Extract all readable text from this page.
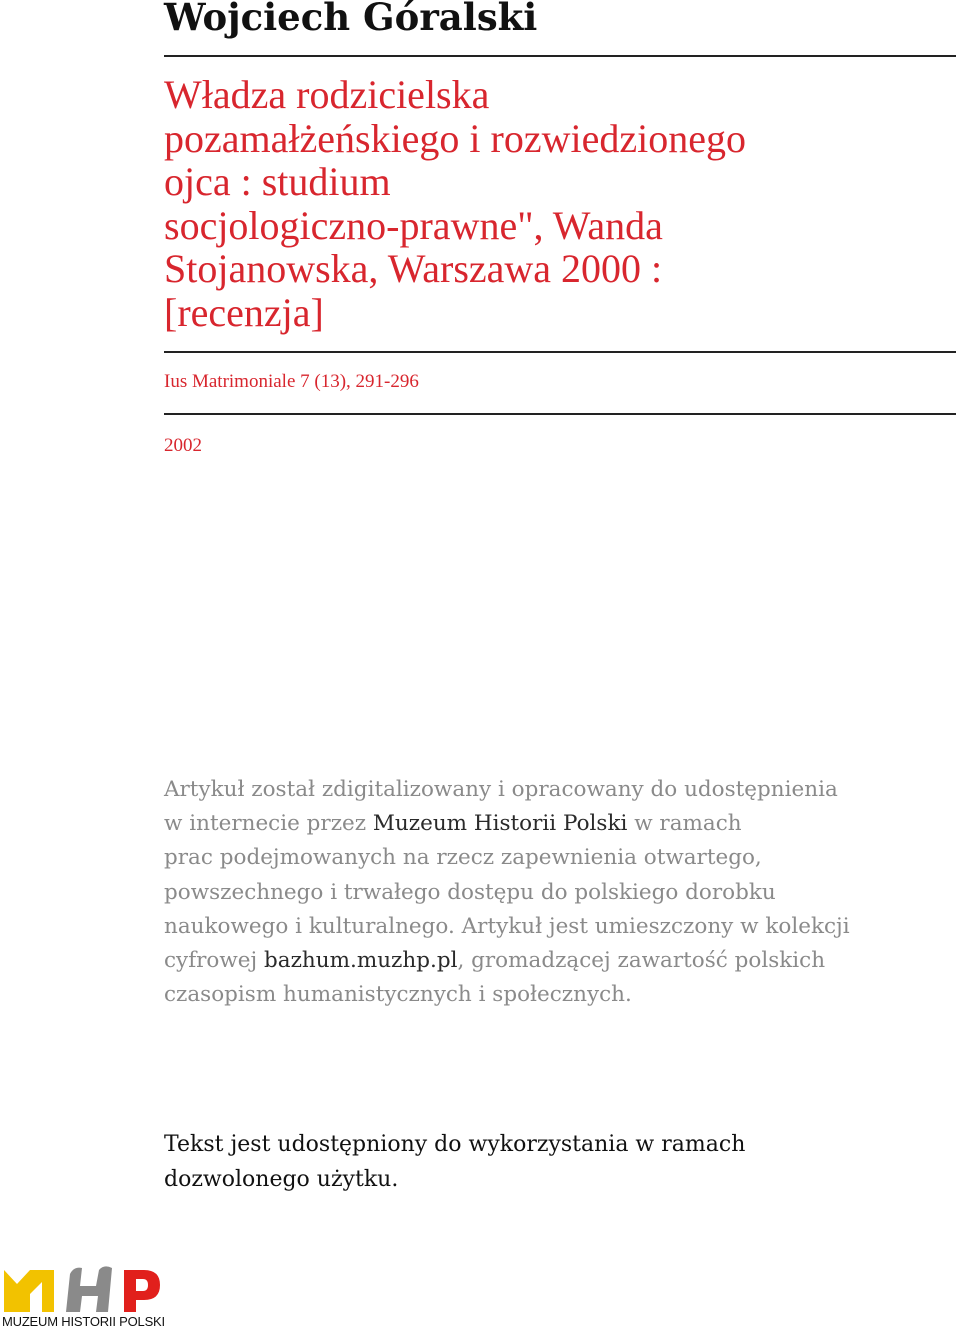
Wojciech Góralski
Władza rodzicielska
pozamałżeńskiego i rozwiedzionego
ojca : studium
socjologiczno-prawne", Wanda
Stojanowska, Warszawa 2000 :
[recenzja]
Ius Matrimoniale 7 (13), 291-296
2002

Artykuł został zdigitalizowany i opracowany do udostępnienia
w internecie przez Muzeum Historii Polski w ramach
prac podejmowanych na rzecz zapewnienia otwartego,
powszechnego i trwałego dostępu do polskiego dorobku
naukowego i kulturalnego. Artykuł jest umieszczony w kolekcji
cyfrowej bazhum.muzhp.pl, gromadzącej zawartość polskich
czasopism humanistycznych i społecznych.

Tekst jest udostępniony do wykorzystania w ramach
dozwolonego użytku.

MUZEUM HISTORII POLSKI
